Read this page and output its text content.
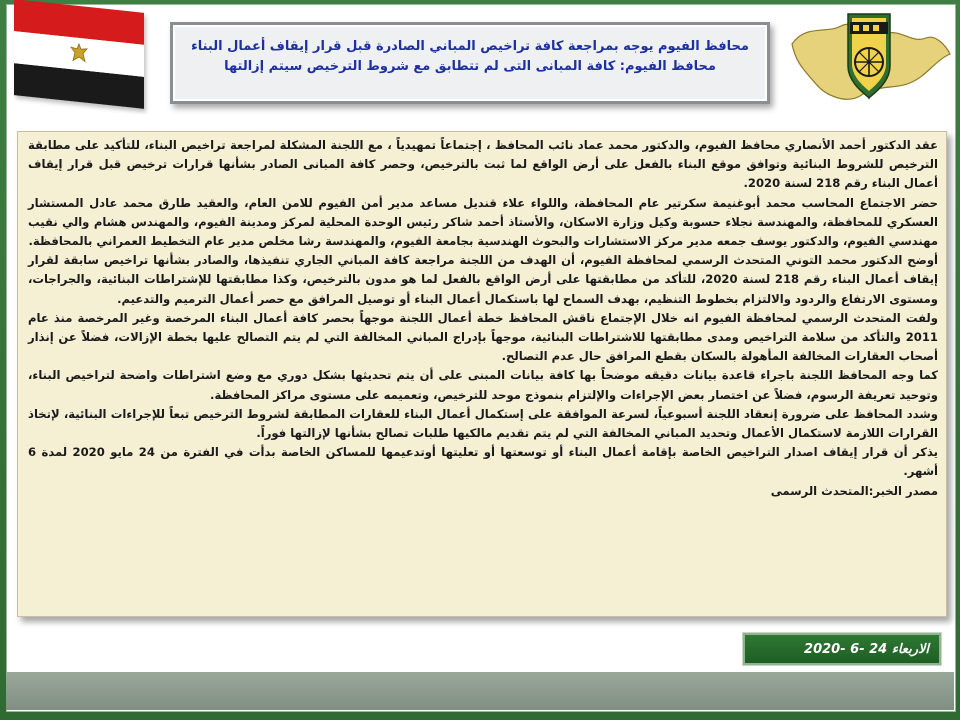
محافظ الفيوم يوجه بمراجعة كافة تراخيص المباني الصادرة قبل قرار إيقاف أعمال البناء
محافظ الفيوم: كافة المبانى التى لم تتطابق مع شروط الترخيص سيتم إزالتها

عقد الدكتور أحمد الأنصاري محافظ الفيوم، والدكتور محمد عماد نائب المحافظ ، إجتماعاً تمهيدياً ، مع اللجنة المشكلة لمراجعة تراخيص البناء، للتأكيد على مطابقة الترخيص للشروط البنائية وتوافق موقع البناء بالفعل على أرض الواقع لما ثبت بالترخيص، وحصر كافة المبانى الصادر بشأنها قرارات ترخيص قبل قرار إيقاف أعمال البناء رقم 218 لسنة 2020.

حضر الاجتماع المحاسب محمد أبوغنيمة سكرتير عام المحافظة، واللواء علاء قنديل مساعد مدير أمن الفيوم للامن العام، والعقيد طارق محمد عادل المستشار العسكري للمحافظة، والمهندسة نجلاء حسوبة وكيل وزارة الاسكان، والأستاذ أحمد شاكر رئيس الوحدة المحلية لمركز ومدينة الفيوم، والمهندس هشام والي نقيب مهندسي الفيوم، والدكتور يوسف جمعه مدير مركز الاستشارات والبحوث الهندسية بجامعة الفيوم، والمهندسة رشا مخلص مدير عام التخطيط العمراني بالمحافظة.

أوضح الدكتور محمد التوني المتحدث الرسمي لمحافظة الفيوم، أن الهدف من اللجنة مراجعة كافة المباني الجاري تنفيذها، والصادر بشأنها تراخيص سابقة لقرار إيقاف أعمال البناء رقم 218 لسنة 2020، للتأكد من مطابقتها على أرض الواقع بالفعل لما هو مدون بالترخيص، وكذا مطابقتها للإشتراطات البنائية، والجراجات، ومستوى الارتفاع والردود والالتزام بخطوط التنظيم، بهدف السماح لها باستكمال أعمال البناء أو توصيل المرافق مع حصر أعمال الترميم والتدعيم.

ولفت المتحدث الرسمي لمحافظة الفيوم انه خلال الإجتماع ناقش المحافظ خطة أعمال اللجنة موجهاً بحصر كافة أعمال البناء المرخصة وغير المرخصة منذ عام 2011 والتأكد من سلامة التراخيص ومدى مطابقتها للاشتراطات البنائية، موجهاً بإدراج المباني المخالفة التي لم يتم التصالح عليها بخطة الإزالات، فضلاً عن إنذار أصحاب العقارات المخالفة المأهولة بالسكان بقطع المرافق حال عدم التصالح.

كما وجه المحافظ اللجنة باجراء قاعدة بيانات دقيقه موضحاً بها كافة بيانات المبنى على أن يتم تحديثها بشكل دوري مع وضع اشتراطات واضحة لتراخيص البناء، وتوحيد تعريفة الرسوم، فضلاً عن اختصار بعض الإجراءات والإلتزام بنموذج موحد للترخيص، وتعميمه على مستوى مراكز المحافظة.

وشدد المحافظ على ضرورة إنعقاد اللجنة أسبوعياً، لسرعة الموافقة على إستكمال أعمال البناء للعقارات المطابقة لشروط الترخيص تبعاً للإجراءات البنائية، لإتخاذ القرارات اللازمة لاستكمال الأعمال وتحديد المباني المخالفة التي لم يتم تقديم مالكيها طلبات تصالح بشأنها لإزالتها فوراً.

يذكر أن قرار إيقاف اصدار التراخيص الخاصة بإقامة أعمال البناء أو توسعتها أو تعليتها أوتدعيمها للمساكن الخاصة بدأت في الفترة من 24 مايو 2020 لمدة 6 أشهر.

مصدر الخبر:المتحدث الرسمى

الاربعاء 24 -6 -2020
